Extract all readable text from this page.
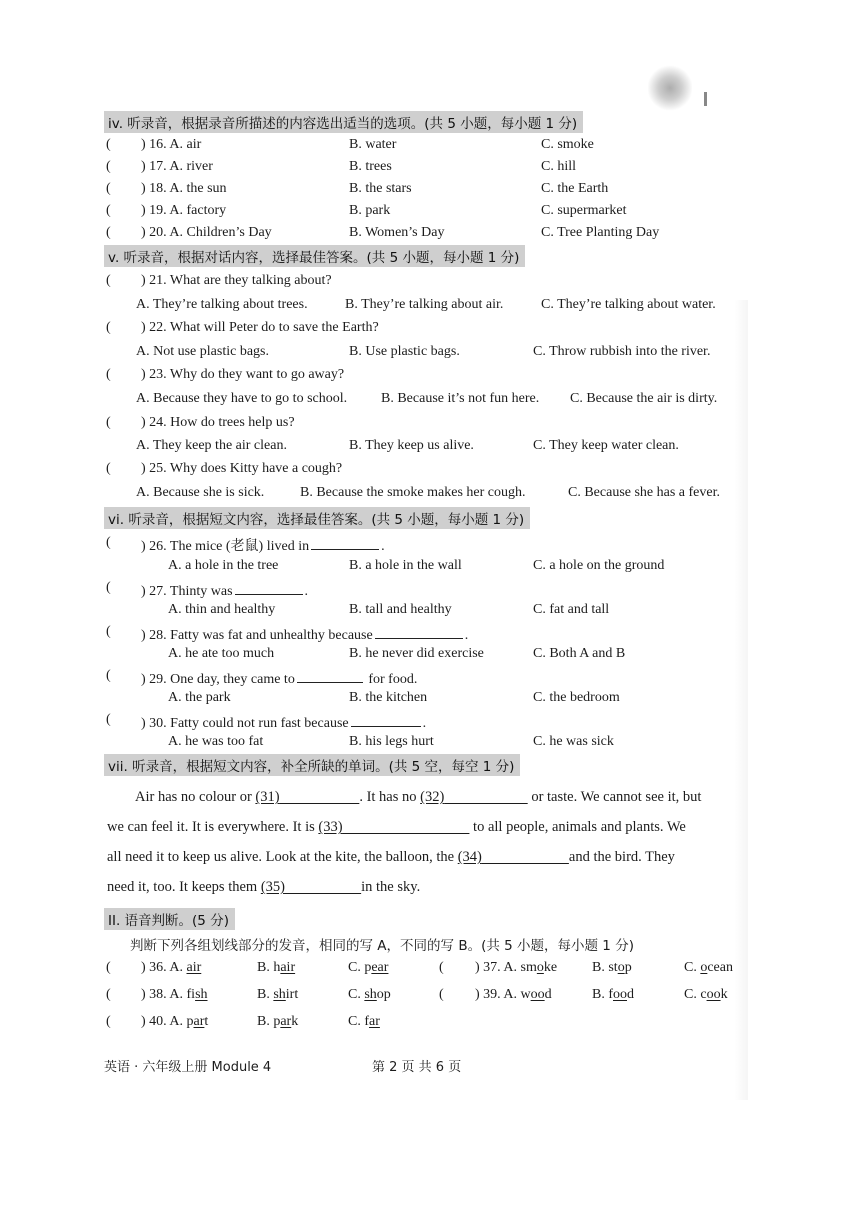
iv. 听录音，根据录音所描述的内容选出适当的选项。(共 5 小题，每小题 1 分)
( ) 16. A. air	B. water	C. smoke
( ) 17. A. river	B. trees	C. hill
( ) 18. A. the sun	B. the stars	C. the Earth
( ) 19. A. factory	B. park	C. supermarket
( ) 20. A. Children’s Day	B. Women’s Day	C. Tree Planting Day
v. 听录音，根据对话内容，选择最佳答案。(共 5 小题，每小题 1 分)
( ) 21. What are they talking about?
A. They’re talking about trees.	B. They’re talking about air.	C. They’re talking about water.
( ) 22. What will Peter do to save the Earth?
A. Not use plastic bags.	B. Use plastic bags.	C. Throw rubbish into the river.
( ) 23. Why do they want to go away?
A. Because they have to go to school. B. Because it’s not fun here. C. Because the air is dirty.
( ) 24. How do trees help us?
A. They keep the air clean.	B. They keep us alive.	C. They keep water clean.
( ) 25. Why does Kitty have a cough?
A. Because she is sick.	B. Because the smoke makes her cough.	C. Because she has a fever.
vi. 听录音，根据短文内容，选择最佳答案。(共 5 小题，每小题 1 分)
( ) 26. The mice (老鼠) lived in	.
A. a hole in the tree	B. a hole in the wall	C. a hole on the ground
( ) 27. Thinty was	.
A. thin and healthy	B. tall and healthy	C. fat and tall
( ) 28. Fatty was fat and unhealthy because	.
A. he ate too much	B. he never did exercise	C. Both A and B
( ) 29. One day, they came to	for food.
A. the park	B. the kitchen	C. the bedroom
( ) 30. Fatty could not run fast because	.
A. he was too fat	B. his legs hurt	C. he was sick
vii. 听录音，根据短文内容，补全所缺的单词。(共 5 空，每空 1 分)
Air has no colour or (31)	. It has no (32)	or taste. We cannot see it, but
we can feel it. It is everywhere. It is (33)	to all people, animals and plants. We
all need it to keep us alive. Look at the kite, the balloon, the (34)	and the bird. They
need it, too. It keeps them (35)	in the sky.
II. 语音判断。(5 分)
判断下列各组划线部分的发音，相同的写 A，不同的写 B。(共 5 小题，每小题 1 分)
( ) 36. A. air	B. hair	C. pear	( ) 37. A. smoke B. stop	C. ocean
( ) 38. A. fish	B. shirt	C. shop	( ) 39. A. wood	B. food	C. cook
( ) 40. A. part	B. park	C. far
英语 · 六年级上册 Module 4	第 2 页 共 6 页
